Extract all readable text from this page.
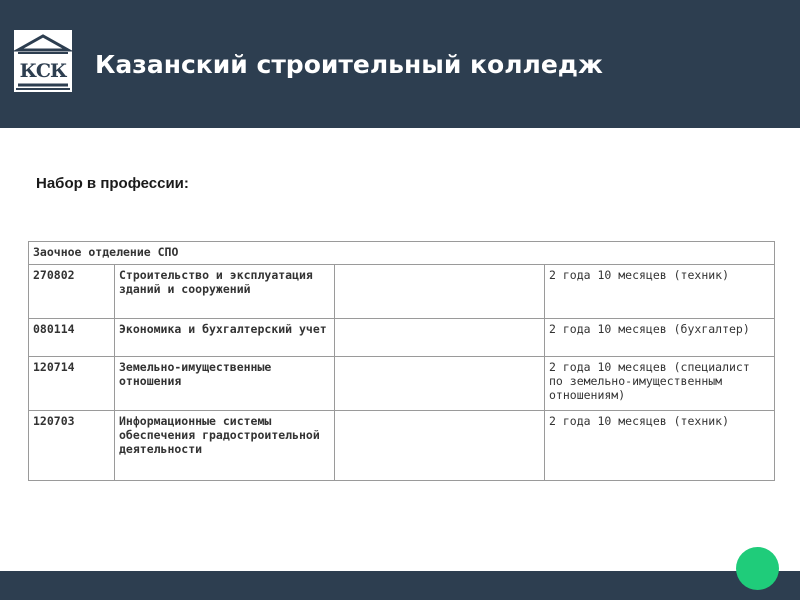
КСК Казанский строительный колледж
Набор в профессии:
Заочное отделение СПО			
270802	Строительство и эксплуатация зданий и сооружений		2 года 10 месяцев (техник)
080114	Экономика и бухгалтерский учет		2 года 10 месяцев (бухгалтер)
120714	Земельно-имущественные отношения		2 года 10 месяцев (специалист по земельно-имущественным отношениям)
120703	Информационные системы обеспечения градостроительной деятельности		2 года 10 месяцев (техник)
